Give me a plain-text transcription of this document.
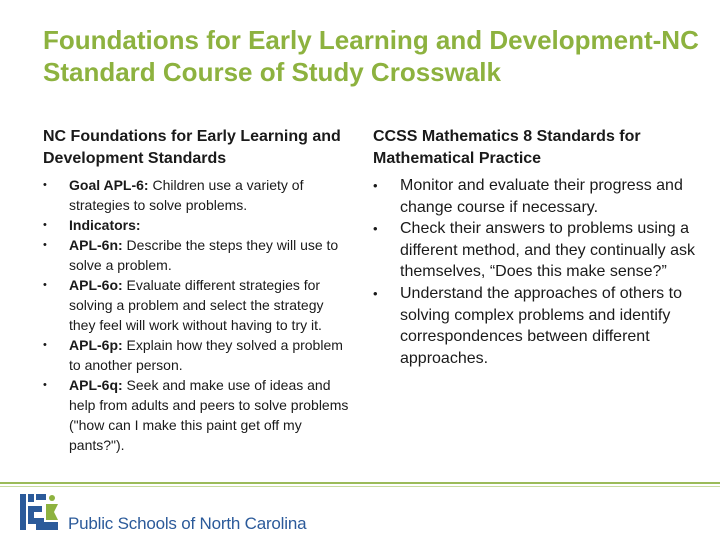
Foundations for Early Learning and Development-NC Standard Course of Study Crosswalk
NC Foundations for Early Learning and Development Standards
CCSS Mathematics 8 Standards for Mathematical Practice
• Goal APL-6: Children use a variety of strategies to solve problems.
• Indicators:
• APL-6n: Describe the steps they will use to solve a problem.
• APL-6o: Evaluate different strategies for solving a problem and select the strategy they feel will work without having to try it.
• APL-6p: Explain how they solved a problem to another person.
• APL-6q: Seek and make use of ideas and help from adults and peers to solve problems ("how can I make this paint get off my pants?").
• Monitor and evaluate their progress and change course if necessary.
• Check their answers to problems using a different method, and they continually ask themselves, “Does this make sense?”
• Understand the approaches of others to solving complex problems and identify correspondences between different approaches.
Public Schools of North Carolina
